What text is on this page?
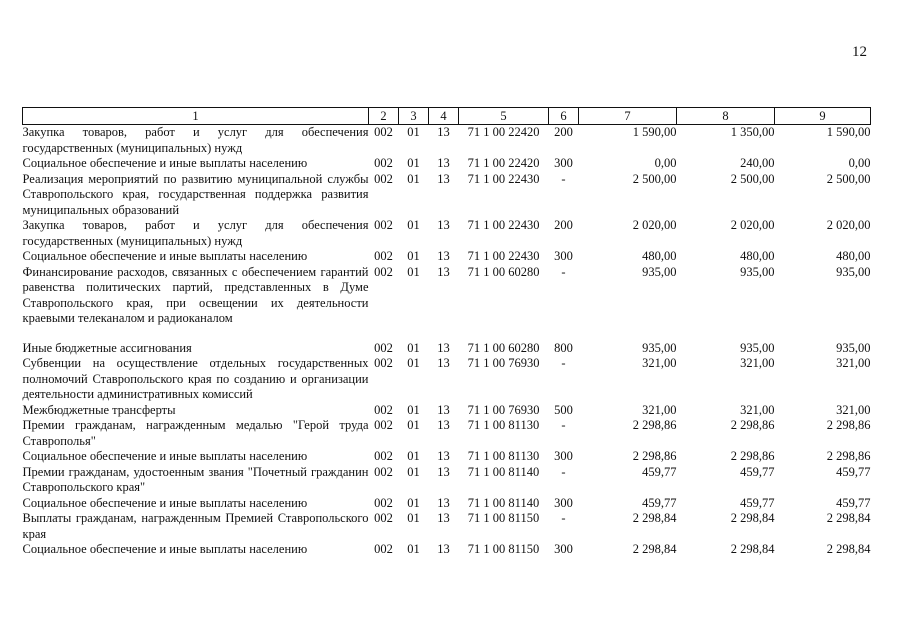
12
1	2	3	4	5	6	7	8	9
Закупка товаров, работ и услуг для обеспечения государственных (муниципальных) нужд	002	01	13	71 1 00 22420	200	1 590,00	1 350,00	1 590,00
Социальное обеспечение и иные выплаты населению	002	01	13	71 1 00 22420	300	0,00	240,00	0,00
Реализация мероприятий по развитию муниципальной службы Ставропольского края, государственная поддержка развития муниципальных образований	002	01	13	71 1 00 22430	-	2 500,00	2 500,00	2 500,00
Закупка товаров, работ и услуг для обеспечения государственных (муниципальных) нужд	002	01	13	71 1 00 22430	200	2 020,00	2 020,00	2 020,00
Социальное обеспечение и иные выплаты населению	002	01	13	71 1 00 22430	300	480,00	480,00	480,00
Финансирование расходов, связанных с обеспечением гарантий равенства политических партий, представленных в Думе Ставропольского края, при освещении их деятельности краевыми телеканалом и радиоканалом	002	01	13	71 1 00 60280	-	935,00	935,00	935,00

Иные бюджетные ассигнования	002	01	13	71 1 00 60280	800	935,00	935,00	935,00
Субвенции на осуществление отдельных государственных полномочий Ставропольского края по созданию и организации деятельности административных комиссий	002	01	13	71 1 00 76930	-	321,00	321,00	321,00
Межбюджетные трансферты	002	01	13	71 1 00 76930	500	321,00	321,00	321,00
Премии гражданам, награжденным медалью "Герой труда Ставрополья"	002	01	13	71 1 00 81130	-	2 298,86	2 298,86	2 298,86
Социальное обеспечение и иные выплаты населению	002	01	13	71 1 00 81130	300	2 298,86	2 298,86	2 298,86
Премии гражданам, удостоенным звания "Почетный гражданин Ставропольского края"	002	01	13	71 1 00 81140	-	459,77	459,77	459,77
Социальное обеспечение и иные выплаты населению	002	01	13	71 1 00 81140	300	459,77	459,77	459,77
Выплаты гражданам, награжденным Премией Ставропольского края	002	01	13	71 1 00 81150	-	2 298,84	2 298,84	2 298,84
Социальное обеспечение и иные выплаты населению	002	01	13	71 1 00 81150	300	2 298,84	2 298,84	2 298,84
